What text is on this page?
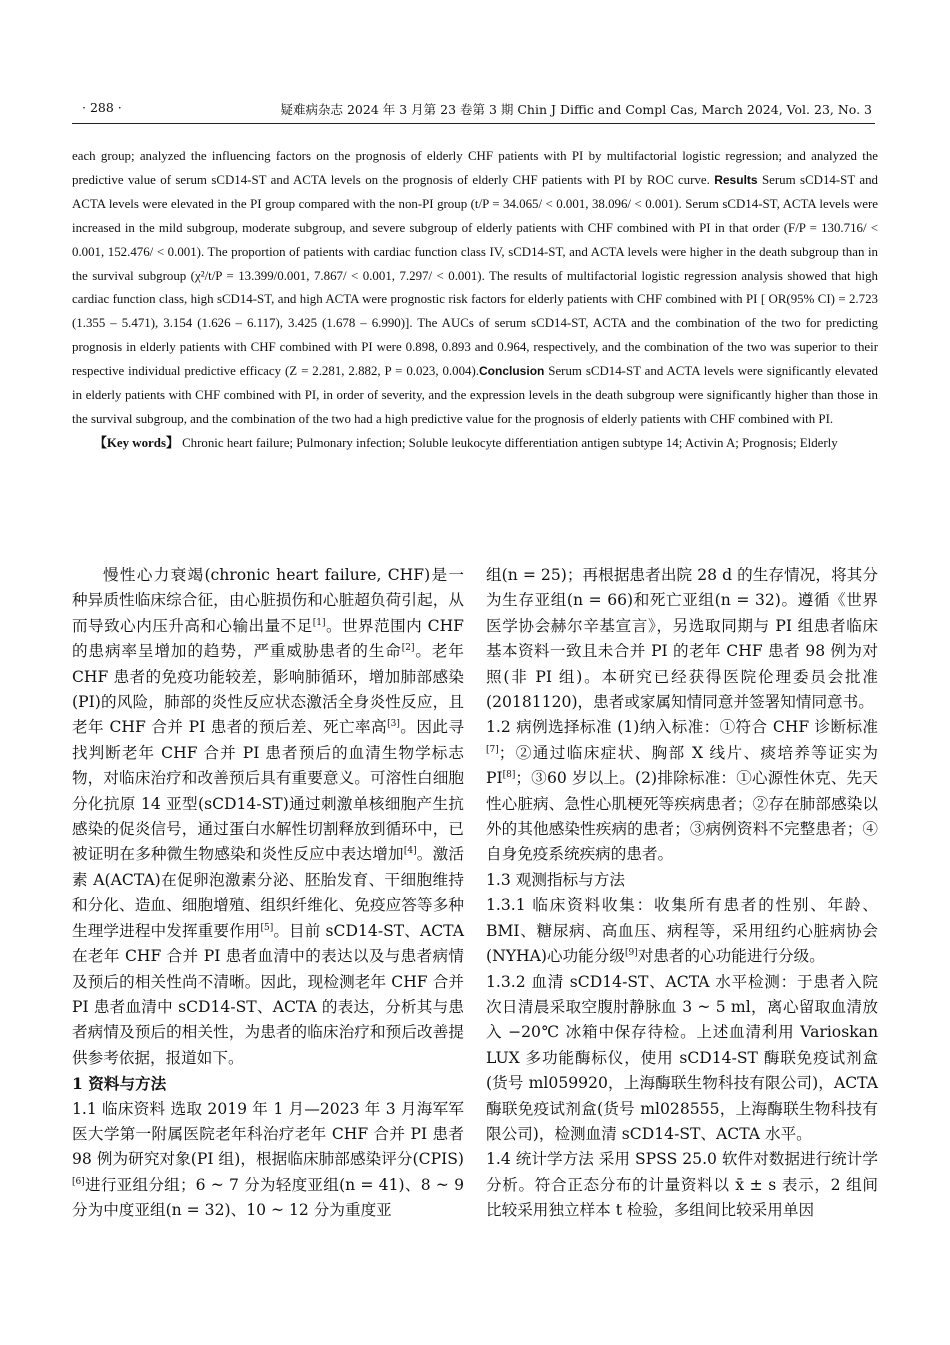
· 288 ·	疑难病杂志 2024 年 3 月第 23 卷第 3 期 Chin J Diffic and Compl Cas, March 2024, Vol. 23, No. 3
each group; analyzed the influencing factors on the prognosis of elderly CHF patients with PI by multifactorial logistic regression; and analyzed the predictive value of serum sCD14-ST and ACTA levels on the prognosis of elderly CHF patients with PI by ROC curve. Results Serum sCD14-ST and ACTA levels were elevated in the PI group compared with the non-PI group (t/P = 34.065/ < 0.001, 38.096/ < 0.001). Serum sCD14-ST, ACTA levels were increased in the mild subgroup, moderate subgroup, and severe subgroup of elderly patients with CHF combined with PI in that order (F/P = 130.716/ < 0.001, 152.476/ < 0.001). The proportion of patients with cardiac function class IV, sCD14-ST, and ACTA levels were higher in the death subgroup than in the survival subgroup (χ²/t/P = 13.399/0.001, 7.867/ < 0.001, 7.297/ < 0.001). The results of multifactorial logistic regression analysis showed that high cardiac function class, high sCD14-ST, and high ACTA were prognostic risk factors for elderly patients with CHF combined with PI [ OR(95% CI) = 2.723 (1.355 – 5.471), 3.154 (1.626 – 6.117), 3.425 (1.678 – 6.990)]. The AUCs of serum sCD14-ST, ACTA and the combination of the two for predicting prognosis in elderly patients with CHF combined with PI were 0.898, 0.893 and 0.964, respectively, and the combination of the two was superior to their respective individual predictive efficacy (Z = 2.281, 2.882, P = 0.023, 0.004).Conclusion Serum sCD14-ST and ACTA levels were significantly elevated in elderly patients with CHF combined with PI, in order of severity, and the expression levels in the death subgroup were significantly higher than those in the survival subgroup, and the combination of the two had a high predictive value for the prognosis of elderly patients with CHF combined with PI.
【Key words】 Chronic heart failure; Pulmonary infection; Soluble leukocyte differentiation antigen subtype 14; Activin A; Prognosis; Elderly

慢性心力衰竭(chronic heart failure, CHF)是一种异质性临床综合征，由心脏损伤和心脏超负荷引起，从而导致心内压升高和心输出量不足[1]。世界范围内 CHF 的患病率呈增加的趋势，严重威胁患者的生命[2]。老年 CHF 患者的免疫功能较差，影响肺循环，增加肺部感染(PI)的风险，肺部的炎性反应状态激活全身炎性反应，且老年 CHF 合并 PI 患者的预后差、死亡率高[3]。因此寻找判断老年 CHF 合并 PI 患者预后的血清生物学标志物，对临床治疗和改善预后具有重要意义。可溶性白细胞分化抗原 14 亚型(sCD14-ST)通过刺激单核细胞产生抗感染的促炎信号，通过蛋白水解性切割释放到循环中，已被证明在多种微生物感染和炎性反应中表达增加[4]。激活素 A(ACTA)在促卵泡激素分泌、胚胎发育、干细胞维持和分化、造血、细胞增殖、组织纤维化、免疫应答等多种生理学进程中发挥重要作用[5]。目前 sCD14-ST、ACTA 在老年 CHF 合并 PI 患者血清中的表达以及与患者病情及预后的相关性尚不清晰。因此，现检测老年 CHF 合并 PI 患者血清中 sCD14-ST、ACTA 的表达，分析其与患者病情及预后的相关性，为患者的临床治疗和预后改善提供参考依据，报道如下。

1 资料与方法

1.1 临床资料 选取 2019 年 1 月—2023 年 3 月海军军医大学第一附属医院老年科治疗老年 CHF 合并 PI 患者 98 例为研究对象(PI 组)，根据临床肺部感染评分(CPIS)[6]进行亚组分组；6 ~ 7 分为轻度亚组(n = 41)、8 ~ 9 分为中度亚组(n = 32)、10 ~ 12 分为重度亚

组(n = 25)；再根据患者出院 28 d 的生存情况，将其分为生存亚组(n = 66)和死亡亚组(n = 32)。遵循《世界医学协会赫尔辛基宣言》，另选取同期与 PI 组患者临床基本资料一致且未合并 PI 的老年 CHF 患者 98 例为对照(非 PI 组)。本研究已经获得医院伦理委员会批准(20181120)，患者或家属知情同意并签署知情同意书。

1.2 病例选择标准 (1)纳入标准：①符合 CHF 诊断标准[7]；②通过临床症状、胸部 X 线片、痰培养等证实为 PI[8]；③60 岁以上。(2)排除标准：①心源性休克、先天性心脏病、急性心肌梗死等疾病患者；②存在肺部感染以外的其他感染性疾病的患者；③病例资料不完整患者；④自身免疫系统疾病的患者。

1.3 观测指标与方法

1.3.1 临床资料收集：收集所有患者的性别、年龄、BMI、糖尿病、高血压、病程等，采用纽约心脏病协会(NYHA)心功能分级[9]对患者的心功能进行分级。

1.3.2 血清 sCD14-ST、ACTA 水平检测：于患者入院次日清晨采取空腹肘静脉血 3 ~ 5 ml，离心留取血清放入 −20℃ 冰箱中保存待检。上述血清利用 Varioskan LUX 多功能酶标仪，使用 sCD14-ST 酶联免疫试剂盒(货号 ml059920，上海酶联生物科技有限公司)，ACTA 酶联免疫试剂盒(货号 ml028555，上海酶联生物科技有限公司)，检测血清 sCD14-ST、ACTA 水平。

1.4 统计学方法 采用 SPSS 25.0 软件对数据进行统计学分析。符合正态分布的计量资料以 x̄ ± s 表示，2 组间比较采用独立样本 t 检验，多组间比较采用单因
